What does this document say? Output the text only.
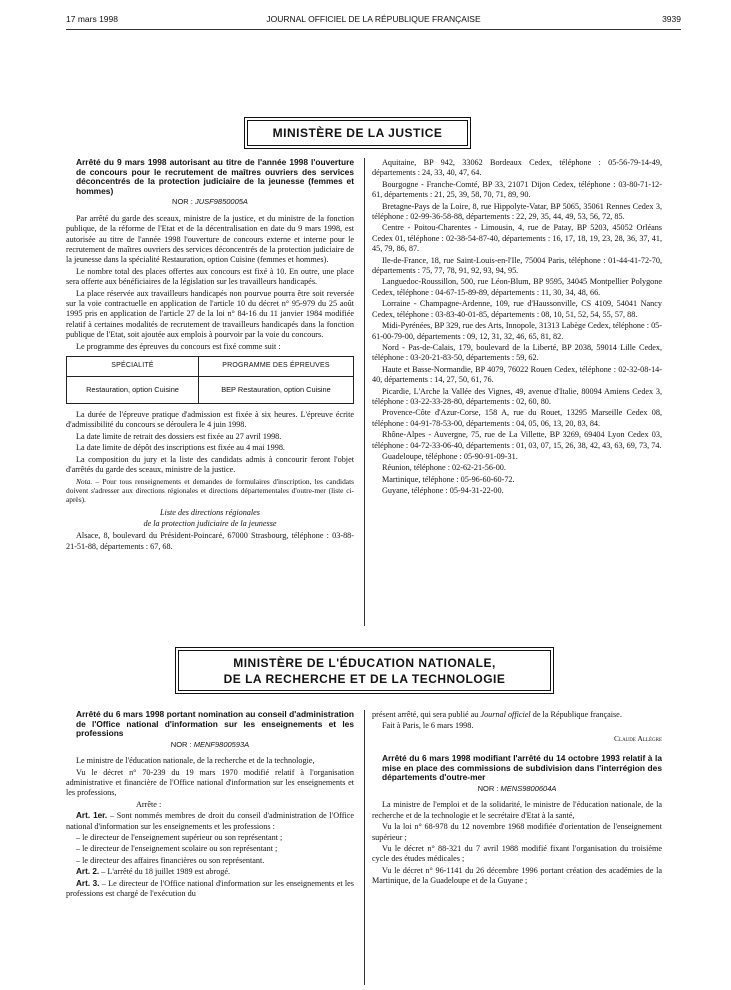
17 mars 1998	JOURNAL OFFICIEL DE LA RÉPUBLIQUE FRANÇAISE	3939
MINISTÈRE DE LA JUSTICE

Arrêté du 9 mars 1998 autorisant au titre de l'année 1998 l'ouverture de concours pour le recrutement de maîtres ouvriers des services déconcentrés de la protection judiciaire de la jeunesse (femmes et hommes)

NOR : JUSF9850005A

Par arrêté du garde des sceaux, ministre de la justice, et du ministre de la fonction publique, de la réforme de l'Etat et de la décentralisation en date du 9 mars 1998, est autorisée au titre de l'année 1998 l'ouverture de concours externe et interne pour le recrutement de maîtres ouvriers des services déconcentrés de la protection judiciaire de la jeunesse dans la spécialité Restauration, option Cuisine (femmes et hommes).

Le nombre total des places offertes aux concours est fixé à 10. En outre, une place sera offerte aux bénéficiaires de la législation sur les travailleurs handicapés.

La place réservée aux travailleurs handicapés non pourvue pourra être soit reversée sur la voie contractuelle en application de l'article 10 du décret n° 95-979 du 25 août 1995 pris en application de l'article 27 de la loi n° 84-16 du 11 janvier 1984 modifiée relatif à certaines modalités de recrutement de travailleurs handicapés dans la fonction publique de l'Etat, soit ajoutée aux emplois à pourvoir par la voie du concours.

Le programme des épreuves du concours est fixé comme suit :

SPÉCIALITÉ	PROGRAMME DES ÉPREUVES
Restauration, option Cuisine	BEP Restauration, option Cuisine

La durée de l'épreuve pratique d'admission est fixée à six heures. L'épreuve écrite d'admissibilité du concours se déroulera le 4 juin 1998.

La date limite de retrait des dossiers est fixée au 27 avril 1998.

La date limite de dépôt des inscriptions est fixée au 4 mai 1998.

La composition du jury et la liste des candidats admis à concourir feront l'objet d'arrêtés du garde des sceaux, ministre de la justice.

Nota. – Pour tous renseignements et demandes de formulaires d'inscription, les candidats doivent s'adresser aux directions régionales et directions départementales d'outre-mer (liste ci-après).

Liste des directions régionales

de la protection judiciaire de la jeunesse

Alsace, 8, boulevard du Président-Poincaré, 67000 Strasbourg, téléphone : 03-88-21-51-88, départements : 67, 68.

Aquitaine, BP 942, 33062 Bordeaux Cedex, téléphone : 05-56-79-14-49, départements : 24, 33, 40, 47, 64.

Bourgogne - Franche-Comté, BP 33, 21071 Dijon Cedex, téléphone : 03-80-71-12-61, départements : 21, 25, 39, 58, 70, 71, 89, 90.

Bretagne-Pays de la Loire, 8, rue Hippolyte-Vatar, BP 5065, 35061 Rennes Cedex 3, téléphone : 02-99-36-58-88, départements : 22, 29, 35, 44, 49, 53, 56, 72, 85.

Centre - Poitou-Charentes - Limousin, 4, rue de Patay, BP 5203, 45052 Orléans Cedex 01, téléphone : 02-38-54-87-40, départements : 16, 17, 18, 19, 23, 28, 36, 37, 41, 45, 79, 86, 87.

Ile-de-France, 18, rue Saint-Louis-en-l'Ile, 75004 Paris, téléphone : 01-44-41-72-70, départements : 75, 77, 78, 91, 92, 93, 94, 95.

Languedoc-Roussillon, 500, rue Léon-Blum, BP 9595, 34045 Montpellier Polygone Cedex, téléphone : 04-67-15-89-89, départements : 11, 30, 34, 48, 66.

Lorraine - Champagne-Ardenne, 109, rue d'Haussonville, CS 4109, 54041 Nancy Cedex, téléphone : 03-83-40-01-85, départements : 08, 10, 51, 52, 54, 55, 57, 88.

Midi-Pyrénées, BP 329, rue des Arts, Innopole, 31313 Labège Cedex, téléphone : 05-61-00-79-00, départements : 09, 12, 31, 32, 46, 65, 81, 82.

Nord - Pas-de-Calais, 179, boulevard de la Liberté, BP 2038, 59014 Lille Cedex, téléphone : 03-20-21-83-50, départements : 59, 62.

Haute et Basse-Normandie, BP 4079, 76022 Rouen Cedex, téléphone : 02-32-08-14-40, départements : 14, 27, 50, 61, 76.

Picardie, L'Arche la Vallée des Vignes, 49, avenue d'Italie, 80094 Amiens Cedex 3, téléphone : 03-22-33-28-80, départements : 02, 60, 80.

Provence-Côte d'Azur-Corse, 158 A, rue du Rouet, 13295 Marseille Cedex 08, téléphone : 04-91-78-53-00, départements : 04, 05, 06, 13, 20, 83, 84.

Rhône-Alpes - Auvergne, 75, rue de La Villette, BP 3269, 69404 Lyon Cedex 03, téléphone : 04-72-33-06-40, départements : 01, 03, 07, 15, 26, 38, 42, 43, 63, 69, 73, 74.

Guadeloupe, téléphone : 05-90-91-09-31.

Réunion, téléphone : 02-62-21-56-00.

Martinique, téléphone : 05-96-60-60-72.

Guyane, téléphone : 05-94-31-22-00.

MINISTÈRE DE L'ÉDUCATION NATIONALE,
DE LA RECHERCHE ET DE LA TECHNOLOGIE

Arrêté du 6 mars 1998 portant nomination au conseil d'administration de l'Office national d'information sur les enseignements et les professions

NOR : MENF9800593A

Le ministre de l'éducation nationale, de la recherche et de la technologie,

Vu le décret n° 70-239 du 19 mars 1970 modifié relatif à l'organisation administrative et financière de l'Office national d'information sur les enseignements et les professions,

Arrête :

Art. 1er. – Sont nommés membres de droit du conseil d'administration de l'Office national d'information sur les enseignements et les professions :

– le directeur de l'enseignement supérieur ou son représentant ;

– le directeur de l'enseignement scolaire ou son représentant ;

– le directeur des affaires financières ou son représentant.

Art. 2. – L'arrêté du 18 juillet 1989 est abrogé.

Art. 3. – Le directeur de l'Office national d'information sur les enseignements et les professions est chargé de l'exécution du

présent arrêté, qui sera publié au Journal officiel de la République française.

Fait à Paris, le 6 mars 1998.

Claude Allègre

Arrêté du 6 mars 1998 modifiant l'arrêté du 14 octobre 1993 relatif à la mise en place des commissions de subdivision dans l'interrégion des départements d'outre-mer

NOR : MENS9800604A

La ministre de l'emploi et de la solidarité, le ministre de l'éducation nationale, de la recherche et de la technologie et le secrétaire d'Etat à la santé,

Vu la loi n° 68-978 du 12 novembre 1968 modifiée d'orientation de l'enseignement supérieur ;

Vu le décret n° 88-321 du 7 avril 1988 modifié fixant l'organisation du troisième cycle des études médicales ;

Vu le décret n° 96-1141 du 26 décembre 1996 portant création des académies de la Martinique, de la Guadeloupe et de la Guyane ;
